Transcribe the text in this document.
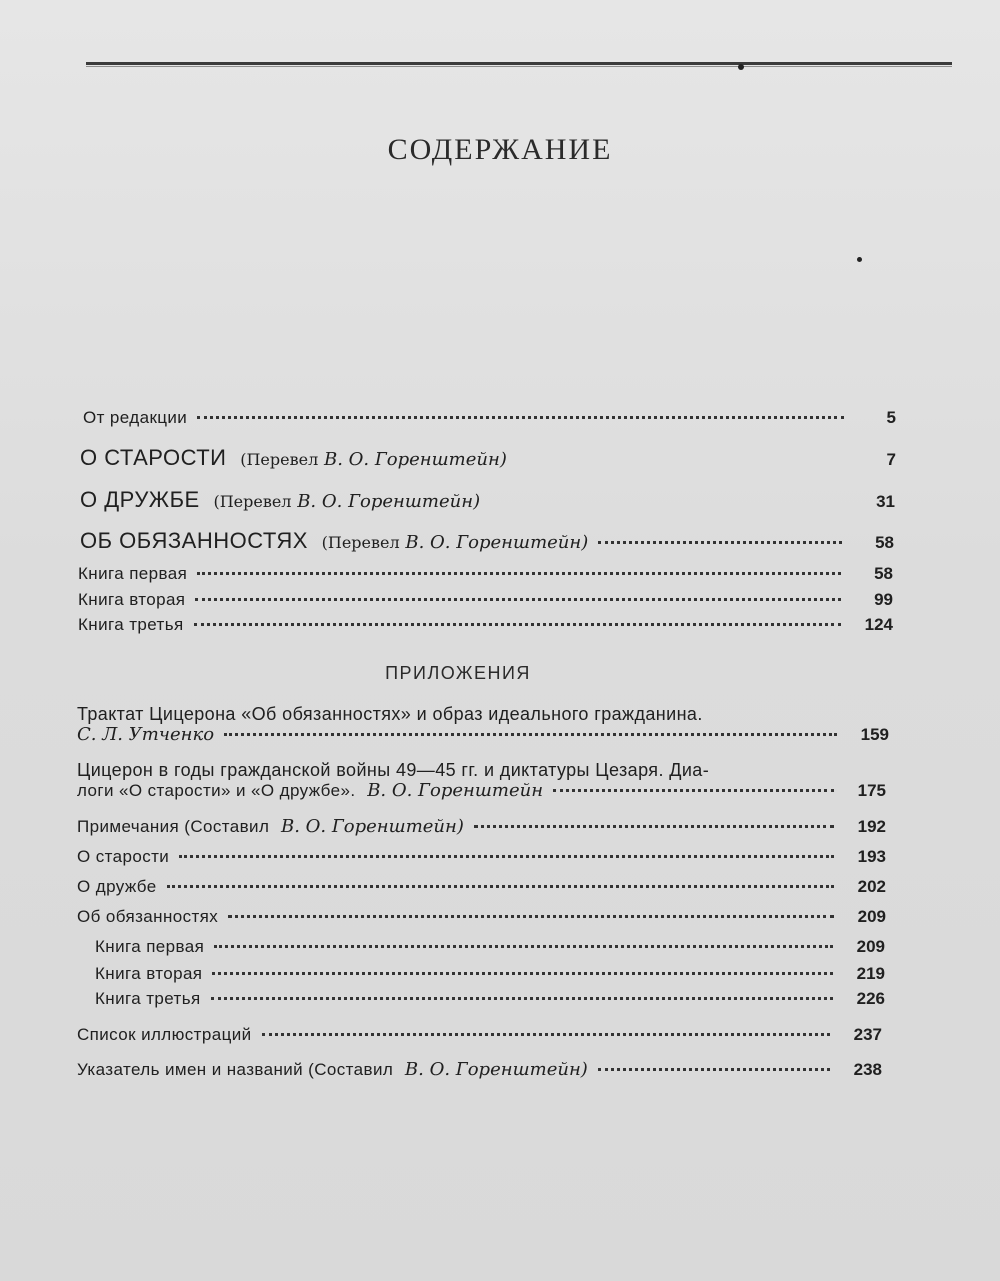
СОДЕРЖАНИЕ
От редакции	5
О СТАРОСТИ (Перевел В. О. Горенштейн)	7
О ДРУЖБЕ (Перевел В. О. Горенштейн)	31
ОБ ОБЯЗАННОСТЯХ (Перевел В. О. Горенштейн)	58
Книга первая	58
Книга вторая	99
Книга третья	124
ПРИЛОЖЕНИЯ
Трактат Цицерона «Об обязанностях» и образ идеального гражданина.
С. Л. Утченко	159
Цицерон в годы гражданской войны 49—45 гг. и диктатуры Цезаря. Диа-
логи «О старости» и «О дружбе». В. О. Горенштейн	175
Примечания (Составил В. О. Горенштейн)	192
О старости	193
О дружбе	202
Об обязанностях	209
Книга первая	209
Книга вторая	219
Книга третья	226
Список иллюстраций	237
Указатель имен и названий (Составил В. О. Горенштейн)	238
